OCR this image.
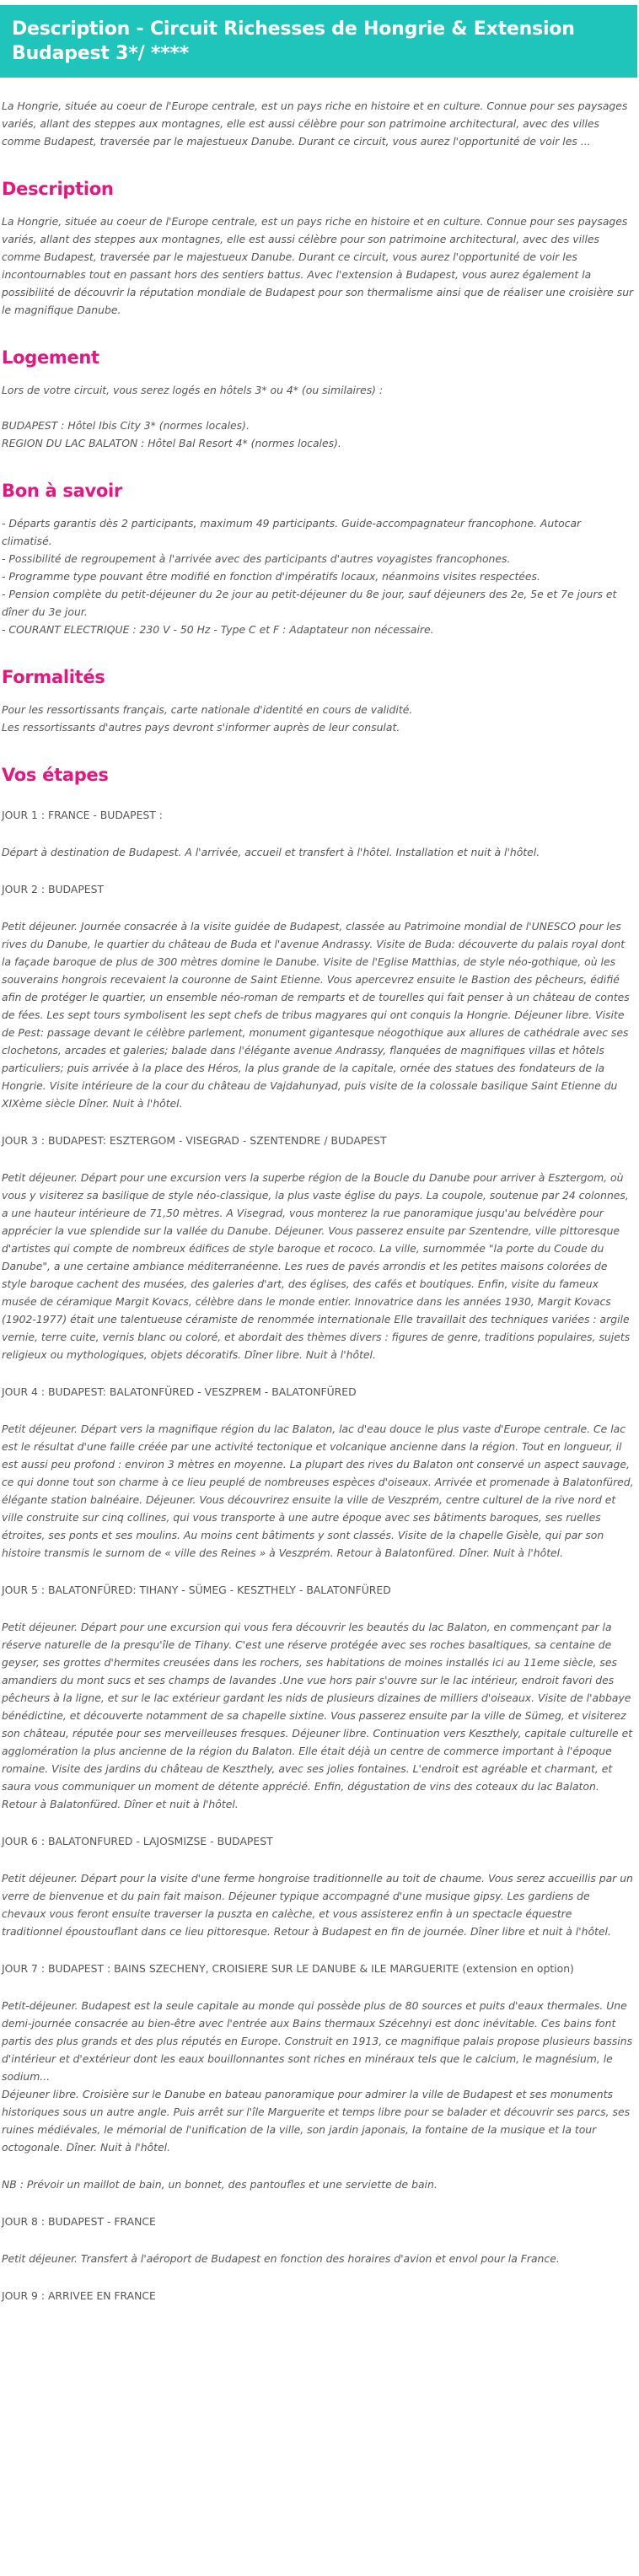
Description - Circuit Richesses de Hongrie & Extension Budapest 3*/ ****

La Hongrie, située au coeur de l'Europe centrale, est un pays riche en histoire et en culture. Connue pour ses paysages variés, allant des steppes aux montagnes, elle est aussi célèbre pour son patrimoine architectural, avec des villes comme Budapest, traversée par le majestueux Danube. Durant ce circuit, vous aurez l'opportunité de voir les ...

Description

La Hongrie, située au coeur de l'Europe centrale, est un pays riche en histoire et en culture. Connue pour ses paysages variés, allant des steppes aux montagnes, elle est aussi célèbre pour son patrimoine architectural, avec des villes comme Budapest, traversée par le majestueux Danube. Durant ce circuit, vous aurez l'opportunité de voir les incontournables tout en passant hors des sentiers battus. Avec l'extension à Budapest, vous aurez également la possibilité de découvrir la réputation mondiale de Budapest pour son thermalisme ainsi que de réaliser une croisière sur le magnifique Danube.

Logement

Lors de votre circuit, vous serez logés en hôtels 3* ou 4* (ou similaires) :

BUDAPEST : Hôtel Ibis City 3* (normes locales).

REGION DU LAC BALATON : Hôtel Bal Resort 4* (normes locales).

Bon à savoir

- Départs garantis dès 2 participants, maximum 49 participants. Guide-accompagnateur francophone. Autocar climatisé.

- Possibilité de regroupement à l'arrivée avec des participants d'autres voyagistes francophones.

- Programme type pouvant être modifié en fonction d'impératifs locaux, néanmoins visites respectées.

- Pension complète du petit-déjeuner du 2e jour au petit-déjeuner du 8e jour, sauf déjeuners des 2e, 5e et 7e jours et dîner du 3e jour.

- COURANT ELECTRIQUE : 230 V - 50 Hz - Type C et F : Adaptateur non nécessaire.

Formalités

Pour les ressortissants français, carte nationale d'identité en cours de validité.

Les ressortissants d'autres pays devront s'informer auprès de leur consulat.

Vos étapes
JOUR 1 : FRANCE - BUDAPEST :

Départ à destination de Budapest. A l'arrivée, accueil et transfert à l'hôtel. Installation et nuit à l'hôtel.

JOUR 2 : BUDAPEST

Petit déjeuner. Journée consacrée à la visite guidée de Budapest, classée au Patrimoine mondial de l'UNESCO pour les rives du Danube, le quartier du château de Buda et l'avenue Andrassy. Visite de Buda: découverte du palais royal dont la façade baroque de plus de 300 mètres domine le Danube. Visite de l'Eglise Matthias, de style néo-gothique, où les souverains hongrois recevaient la couronne de Saint Etienne. Vous apercevrez ensuite le Bastion des pêcheurs, édifié afin de protéger le quartier, un ensemble néo-roman de remparts et de tourelles qui fait penser à un château de contes de fées. Les sept tours symbolisent les sept chefs de tribus magyares qui ont conquis la Hongrie. Déjeuner libre. Visite de Pest: passage devant le célèbre parlement, monument gigantesque néogothique aux allures de cathédrale avec ses clochetons, arcades et galeries; balade dans l'élégante avenue Andrassy, flanquées de magnifiques villas et hôtels particuliers; puis arrivée à la place des Héros, la plus grande de la capitale, ornée des statues des fondateurs de la Hongrie. Visite intérieure de la cour du château de Vajdahunyad, puis visite de la colossale basilique Saint Etienne du XIXème siècle Dîner. Nuit à l'hôtel.

JOUR 3 : BUDAPEST: ESZTERGOM - VISEGRAD - SZENTENDRE / BUDAPEST

Petit déjeuner. Départ pour une excursion vers la superbe région de la Boucle du Danube pour arriver à Esztergom, où vous y visiterez sa basilique de style néo-classique, la plus vaste église du pays. La coupole, soutenue par 24 colonnes, a une hauteur intérieure de 71,50 mètres. A Visegrad, vous monterez la rue panoramique jusqu'au belvédère pour apprécier la vue splendide sur la vallée du Danube. Déjeuner. Vous passerez ensuite par Szentendre, ville pittoresque d'artistes qui compte de nombreux édifices de style baroque et rococo. La ville, surnommée "la porte du Coude du Danube", a une certaine ambiance méditerranéenne. Les rues de pavés arrondis et les petites maisons colorées de style baroque cachent des musées, des galeries d'art, des églises, des cafés et boutiques. Enfin, visite du fameux musée de céramique Margit Kovacs, célèbre dans le monde entier. Innovatrice dans les années 1930, Margit Kovacs (1902-1977) était une talentueuse céramiste de renommée internationale Elle travaillait des techniques variées : argile vernie, terre cuite, vernis blanc ou coloré, et abordait des thèmes divers : figures de genre, traditions populaires, sujets religieux ou mythologiques, objets décoratifs. Dîner libre. Nuit à l'hôtel.

JOUR 4 : BUDAPEST: BALATONFÜRED - VESZPREM - BALATONFÜRED

Petit déjeuner. Départ vers la magnifique région du lac Balaton, lac d'eau douce le plus vaste d'Europe centrale. Ce lac est le résultat d'une faille créée par une activité tectonique et volcanique ancienne dans la région. Tout en longueur, il est aussi peu profond : environ 3 mètres en moyenne. La plupart des rives du Balaton ont conservé un aspect sauvage, ce qui donne tout son charme à ce lieu peuplé de nombreuses espèces d'oiseaux. Arrivée et promenade à Balatonfüred, élégante station balnéaire. Déjeuner. Vous découvrirez ensuite la ville de Veszprém, centre culturel de la rive nord et ville construite sur cinq collines, qui vous transporte à une autre époque avec ses bâtiments baroques, ses ruelles étroites, ses ponts et ses moulins. Au moins cent bâtiments y sont classés. Visite de la chapelle Gisèle, qui par son histoire transmis le surnom de « ville des Reines » à Veszprém. Retour à Balatonfüred. Dîner. Nuit à l'hôtel.

JOUR 5 : BALATONFÜRED: TIHANY - SÜMEG - KESZTHELY - BALATONFÜRED

Petit déjeuner. Départ pour une excursion qui vous fera découvrir les beautés du lac Balaton, en commençant par la réserve naturelle de la presqu'île de Tihany. C'est une réserve protégée avec ses roches basaltiques, sa centaine de geyser, ses grottes d'hermites creusées dans les rochers, ses habitations de moines installés ici au 11eme siècle, ses amandiers du mont sucs et ses champs de lavandes .Une vue hors pair s'ouvre sur le lac intérieur, endroit favori des pêcheurs à la ligne, et sur le lac extérieur gardant les nids de plusieurs dizaines de milliers d'oiseaux. Visite de l'abbaye bénédictine, et découverte notamment de sa chapelle sixtine. Vous passerez ensuite par la ville de Sümeg, et visiterez son château, réputée pour ses merveilleuses fresques. Déjeuner libre. Continuation vers Keszthely, capitale culturelle et agglomération la plus ancienne de la région du Balaton. Elle était déjà un centre de commerce important à l'époque romaine. Visite des jardins du château de Keszthely, avec ses jolies fontaines. L'endroit est agréable et charmant, et saura vous communiquer un moment de détente apprécié. Enfin, dégustation de vins des coteaux du lac Balaton. Retour à Balatonfüred. Dîner et nuit à l'hôtel.

JOUR 6 : BALATONFURED - LAJOSMIZSE - BUDAPEST

Petit déjeuner. Départ pour la visite d'une ferme hongroise traditionnelle au toit de chaume. Vous serez accueillis par un verre de bienvenue et du pain fait maison. Déjeuner typique accompagné d'une musique gipsy. Les gardiens de chevaux vous feront ensuite traverser la puszta en calèche, et vous assisterez enfin à un spectacle équestre traditionnel époustouflant dans ce lieu pittoresque. Retour à Budapest en fin de journée. Dîner libre et nuit à l'hôtel.

JOUR 7 : BUDAPEST : BAINS SZECHENY, CROISIERE SUR LE DANUBE & ILE MARGUERITE (extension en option)

Petit-déjeuner. Budapest est la seule capitale au monde qui possède plus de 80 sources et puits d'eaux thermales. Une demi-journée consacrée au bien-être avec l'entrée aux Bains thermaux Szécehnyi est donc inévitable. Ces bains font partis des plus grands et des plus réputés en Europe. Construit en 1913, ce magnifique palais propose plusieurs bassins d'intérieur et d'extérieur dont les eaux bouillonnantes sont riches en minéraux tels que le calcium, le magnésium, le sodium...

Déjeuner libre. Croisière sur le Danube en bateau panoramique pour admirer la ville de Budapest et ses monuments historiques sous un autre angle. Puis arrêt sur l'île Marguerite et temps libre pour se balader et découvrir ses parcs, ses ruines médiévales, le mémorial de l'unification de la ville, son jardin japonais, la fontaine de la musique et la tour octogonale. Dîner. Nuit à l'hôtel.

NB : Prévoir un maillot de bain, un bonnet, des pantoufles et une serviette de bain.

JOUR 8 : BUDAPEST - FRANCE

Petit déjeuner. Transfert à l'aéroport de Budapest en fonction des horaires d'avion et envol pour la France.

JOUR 9 : ARRIVEE EN FRANCE
